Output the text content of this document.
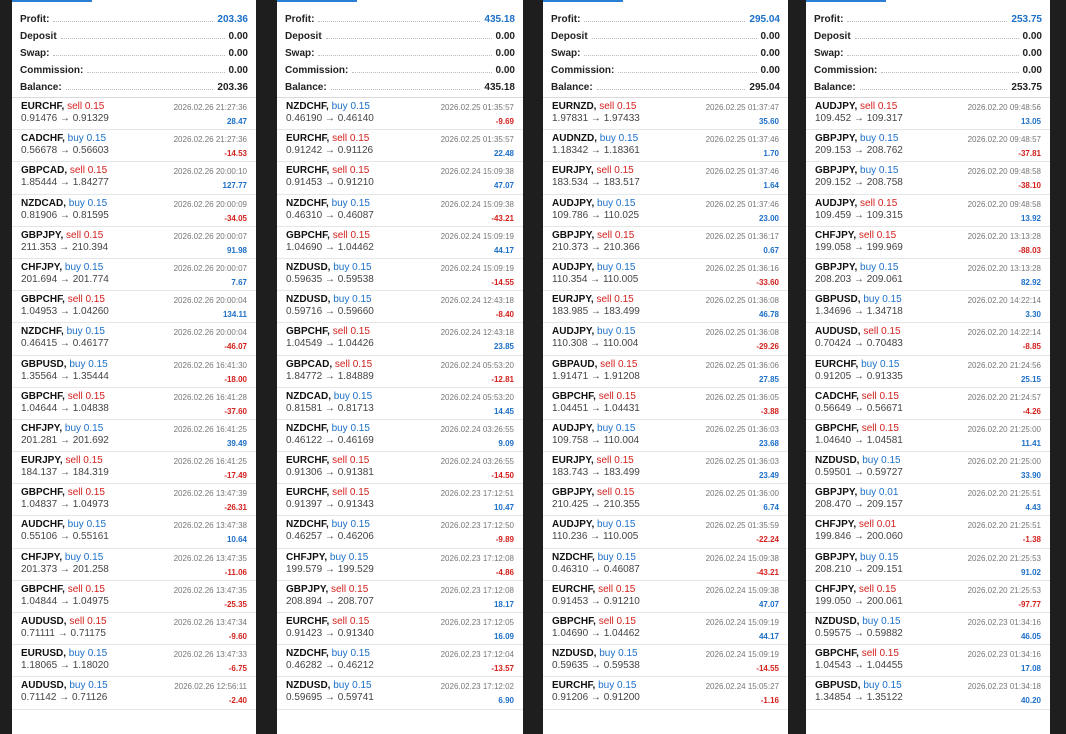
Profit:	203.36
Deposit	0.00
Swap:	0.00
Commission:	0.00
Balance:	203.36
EURCHF, sell 0.15
0.91476 → 0.91329
2026.02.26 21:27:36
28.47
CADCHF, buy 0.15
0.56678 → 0.56603
2026.02.26 21:27:36
-14.53
GBPCAD, sell 0.15
1.85444 → 1.84277
2026.02.26 20:00:10
127.77
NZDCAD, buy 0.15
0.81906 → 0.81595
2026.02.26 20:00:09
-34.05
GBPJPY, sell 0.15
211.353 → 210.394
2026.02.26 20:00:07
91.98
CHFJPY, buy 0.15
201.694 → 201.774
2026.02.26 20:00:07
7.67
GBPCHF, sell 0.15
1.04953 → 1.04260
2026.02.26 20:00:04
134.11
NZDCHF, buy 0.15
0.46415 → 0.46177
2026.02.26 20:00:04
-46.07
GBPUSD, buy 0.15
1.35564 → 1.35444
2026.02.26 16:41:30
-18.00
GBPCHF, sell 0.15
1.04644 → 1.04838
2026.02.26 16:41:28
-37.60
CHFJPY, buy 0.15
201.281 → 201.692
2026.02.26 16:41:25
39.49
EURJPY, sell 0.15
184.137 → 184.319
2026.02.26 16:41:25
-17.49
GBPCHF, sell 0.15
1.04837 → 1.04973
2026.02.26 13:47:39
-26.31
AUDCHF, buy 0.15
0.55106 → 0.55161
2026.02.26 13:47:38
10.64
CHFJPY, buy 0.15
201.373 → 201.258
2026.02.26 13:47:35
-11.06
GBPCHF, sell 0.15
1.04844 → 1.04975
2026.02.26 13:47:35
-25.35
AUDUSD, sell 0.15
0.71111 → 0.71175
2026.02.26 13:47:34
-9.60
EURUSD, buy 0.15
1.18065 → 1.18020
2026.02.26 13:47:33
-6.75
AUDUSD, buy 0.15
0.71142 → 0.71126
2026.02.26 12:56:11
-2.40
Profit:	435.18
Deposit	0.00
Swap:	0.00
Commission:	0.00
Balance:	435.18
NZDCHF, buy 0.15
0.46190 → 0.46140
2026.02.25 01:35:57
-9.69
EURCHF, sell 0.15
0.91242 → 0.91126
2026.02.25 01:35:57
22.48
EURCHF, sell 0.15
0.91453 → 0.91210
2026.02.24 15:09:38
47.07
NZDCHF, buy 0.15
0.46310 → 0.46087
2026.02.24 15:09:38
-43.21
GBPCHF, sell 0.15
1.04690 → 1.04462
2026.02.24 15:09:19
44.17
NZDUSD, buy 0.15
0.59635 → 0.59538
2026.02.24 15:09:19
-14.55
NZDUSD, buy 0.15
0.59716 → 0.59660
2026.02.24 12:43:18
-8.40
GBPCHF, sell 0.15
1.04549 → 1.04426
2026.02.24 12:43:18
23.85
GBPCAD, sell 0.15
1.84772 → 1.84889
2026.02.24 05:53:20
-12.81
NZDCAD, buy 0.15
0.81581 → 0.81713
2026.02.24 05:53:20
14.45
NZDCHF, buy 0.15
0.46122 → 0.46169
2026.02.24 03:26:55
9.09
EURCHF, sell 0.15
0.91306 → 0.91381
2026.02.24 03:26:55
-14.50
EURCHF, sell 0.15
0.91397 → 0.91343
2026.02.23 17:12:51
10.47
NZDCHF, buy 0.15
0.46257 → 0.46206
2026.02.23 17:12:50
-9.89
CHFJPY, buy 0.15
199.579 → 199.529
2026.02.23 17:12:08
-4.86
GBPJPY, sell 0.15
208.894 → 208.707
2026.02.23 17:12:08
18.17
EURCHF, sell 0.15
0.91423 → 0.91340
2026.02.23 17:12:05
16.09
NZDCHF, buy 0.15
0.46282 → 0.46212
2026.02.23 17:12:04
-13.57
NZDUSD, buy 0.15
0.59695 → 0.59741
2026.02.23 17:12:02
6.90
Profit:	295.04
Deposit	0.00
Swap:	0.00
Commission:	0.00
Balance:	295.04
EURNZD, sell 0.15
1.97831 → 1.97433
2026.02.25 01:37:47
35.60
AUDNZD, buy 0.15
1.18342 → 1.18361
2026.02.25 01:37:46
1.70
EURJPY, sell 0.15
183.534 → 183.517
2026.02.25 01:37:46
1.64
AUDJPY, buy 0.15
109.786 → 110.025
2026.02.25 01:37:46
23.00
GBPJPY, sell 0.15
210.373 → 210.366
2026.02.25 01:36:17
0.67
AUDJPY, buy 0.15
110.354 → 110.005
2026.02.25 01:36:16
-33.60
EURJPY, sell 0.15
183.985 → 183.499
2026.02.25 01:36:08
46.78
AUDJPY, buy 0.15
110.308 → 110.004
2026.02.25 01:36:08
-29.26
GBPAUD, sell 0.15
1.91471 → 1.91208
2026.02.25 01:36:06
27.85
GBPCHF, sell 0.15
1.04451 → 1.04431
2026.02.25 01:36:05
-3.88
AUDJPY, buy 0.15
109.758 → 110.004
2026.02.25 01:36:03
23.68
EURJPY, sell 0.15
183.743 → 183.499
2026.02.25 01:36:03
23.49
GBPJPY, sell 0.15
210.425 → 210.355
2026.02.25 01:36:00
6.74
AUDJPY, buy 0.15
110.236 → 110.005
2026.02.25 01:35:59
-22.24
NZDCHF, buy 0.15
0.46310 → 0.46087
2026.02.24 15:09:38
-43.21
EURCHF, sell 0.15
0.91453 → 0.91210
2026.02.24 15:09:38
47.07
GBPCHF, sell 0.15
1.04690 → 1.04462
2026.02.24 15:09:19
44.17
NZDUSD, buy 0.15
0.59635 → 0.59538
2026.02.24 15:09:19
-14.55
EURCHF, buy 0.15
0.91206 → 0.91200
2026.02.24 15:05:27
-1.16
Profit:	253.75
Deposit	0.00
Swap:	0.00
Commission:	0.00
Balance:	253.75
AUDJPY, sell 0.15
109.452 → 109.317
2026.02.20 09:48:56
13.05
GBPJPY, buy 0.15
209.153 → 208.762
2026.02.20 09:48:57
-37.81
GBPJPY, buy 0.15
209.152 → 208.758
2026.02.20 09:48:58
-38.10
AUDJPY, sell 0.15
109.459 → 109.315
2026.02.20 09:48:58
13.92
CHFJPY, sell 0.15
199.058 → 199.969
2026.02.20 13:13:28
-88.03
GBPJPY, buy 0.15
208.203 → 209.061
2026.02.20 13:13:28
82.92
GBPUSD, buy 0.15
1.34696 → 1.34718
2026.02.20 14:22:14
3.30
AUDUSD, sell 0.15
0.70424 → 0.70483
2026.02.20 14:22:14
-8.85
EURCHF, buy 0.15
0.91205 → 0.91335
2026.02.20 21:24:56
25.15
CADCHF, sell 0.15
0.56649 → 0.56671
2026.02.20 21:24:57
-4.26
GBPCHF, sell 0.15
1.04640 → 1.04581
2026.02.20 21:25:00
11.41
NZDUSD, buy 0.15
0.59501 → 0.59727
2026.02.20 21:25:00
33.90
GBPJPY, buy 0.01
208.470 → 209.157
2026.02.20 21:25:51
4.43
CHFJPY, sell 0.01
199.846 → 200.060
2026.02.20 21:25:51
-1.38
GBPJPY, buy 0.15
208.210 → 209.151
2026.02.20 21:25:53
91.02
CHFJPY, sell 0.15
199.050 → 200.061
2026.02.20 21:25:53
-97.77
NZDUSD, buy 0.15
0.59575 → 0.59882
2026.02.23 01:34:16
46.05
GBPCHF, sell 0.15
1.04543 → 1.04455
2026.02.23 01:34:16
17.08
GBPUSD, buy 0.15
1.34854 → 1.35122
2026.02.23 01:34:18
40.20
